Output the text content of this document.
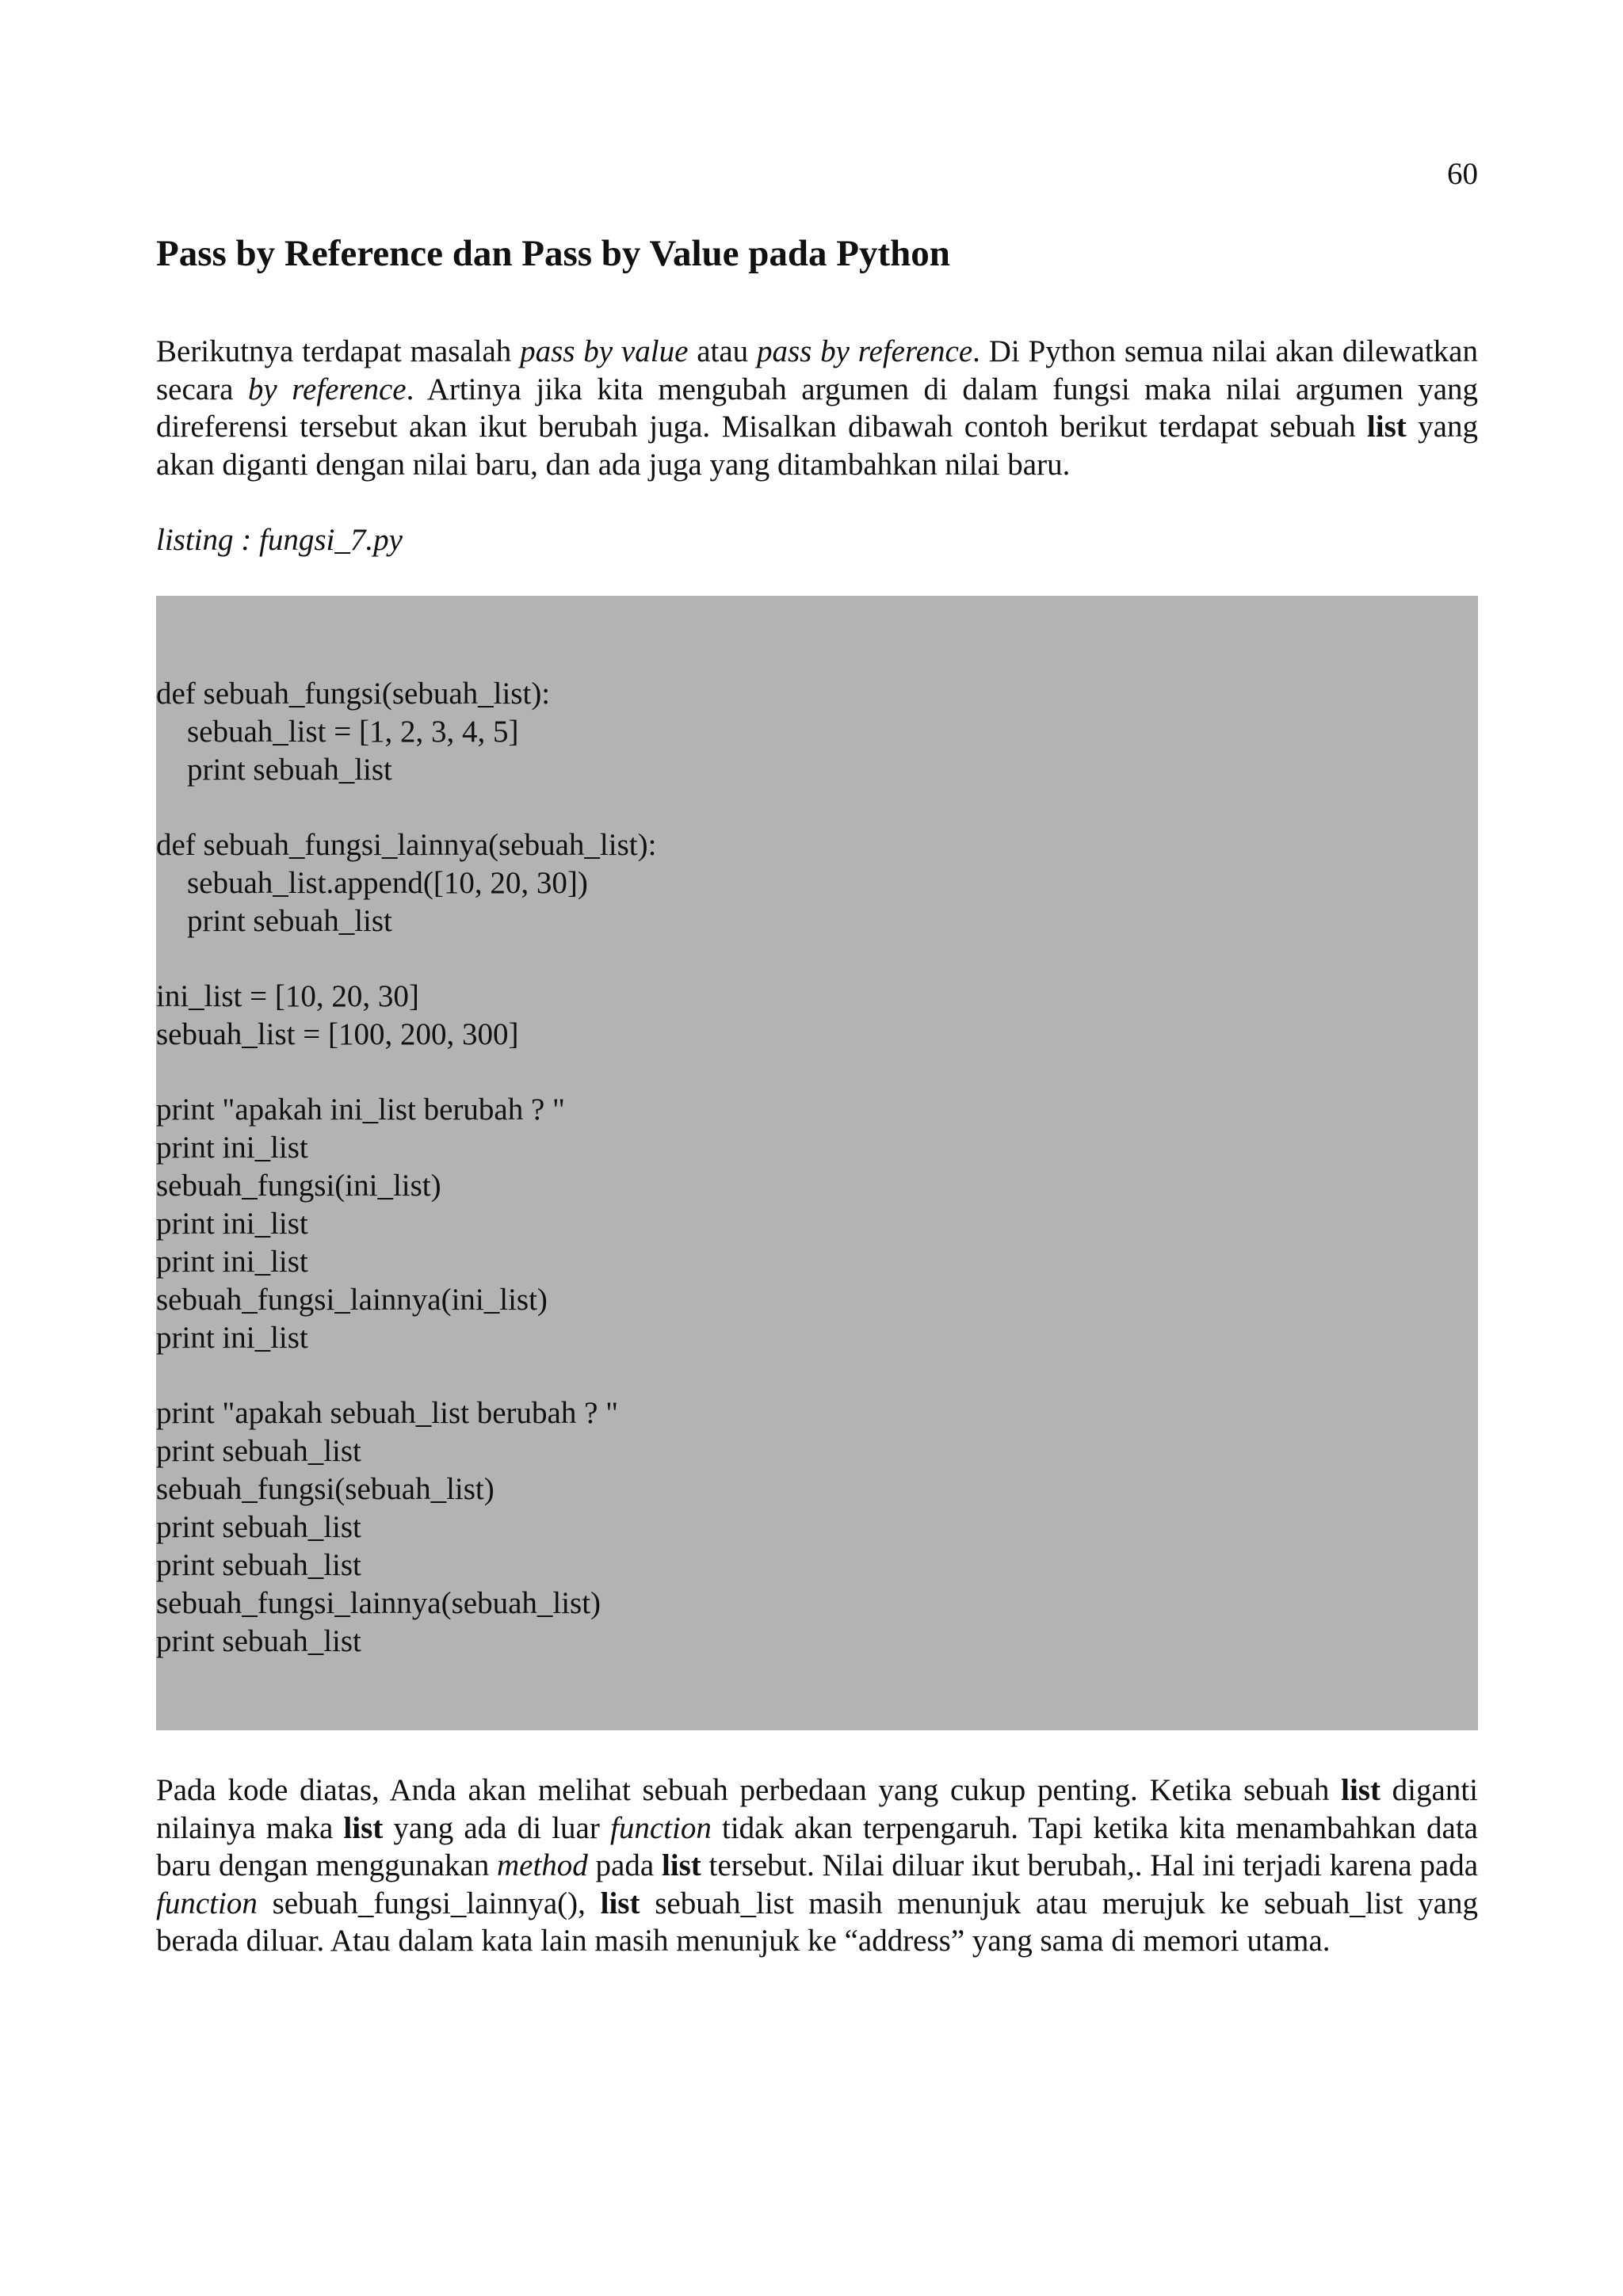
60
Pass by Reference dan Pass by Value pada Python

Berikutnya terdapat masalah pass by value atau pass by reference. Di Python semua nilai akan dilewatkan secara by reference. Artinya jika kita mengubah argumen di dalam fungsi maka nilai argumen yang direferensi tersebut akan ikut berubah juga. Misalkan dibawah contoh berikut terdapat sebuah list yang akan diganti dengan nilai baru, dan ada juga yang ditambahkan nilai baru.

listing : fungsi_7.py

def sebuah_fungsi(sebuah_list):
sebuah_list = [1, 2, 3, 4, 5]
print sebuah_list
def sebuah_fungsi_lainnya(sebuah_list):
sebuah_list.append([10, 20, 30])
print sebuah_list
ini_list = [10, 20, 30]
sebuah_list = [100, 200, 300]
print "apakah ini_list berubah ? "
print ini_list
sebuah_fungsi(ini_list)
print ini_list
print ini_list
sebuah_fungsi_lainnya(ini_list)
print ini_list
print "apakah sebuah_list berubah ? "
print sebuah_list
sebuah_fungsi(sebuah_list)
print sebuah_list
print sebuah_list
sebuah_fungsi_lainnya(sebuah_list)
print sebuah_list

Pada kode diatas, Anda akan melihat sebuah perbedaan yang cukup penting. Ketika sebuah list diganti nilainya maka list yang ada di luar function tidak akan terpengaruh. Tapi ketika kita menambahkan data baru dengan menggunakan method pada list tersebut. Nilai diluar ikut berubah,. Hal ini terjadi karena pada function sebuah_fungsi_lainnya(), list sebuah_list masih menunjuk atau merujuk ke sebuah_list yang berada diluar. Atau dalam kata lain masih menunjuk ke “address” yang sama di memori utama.
